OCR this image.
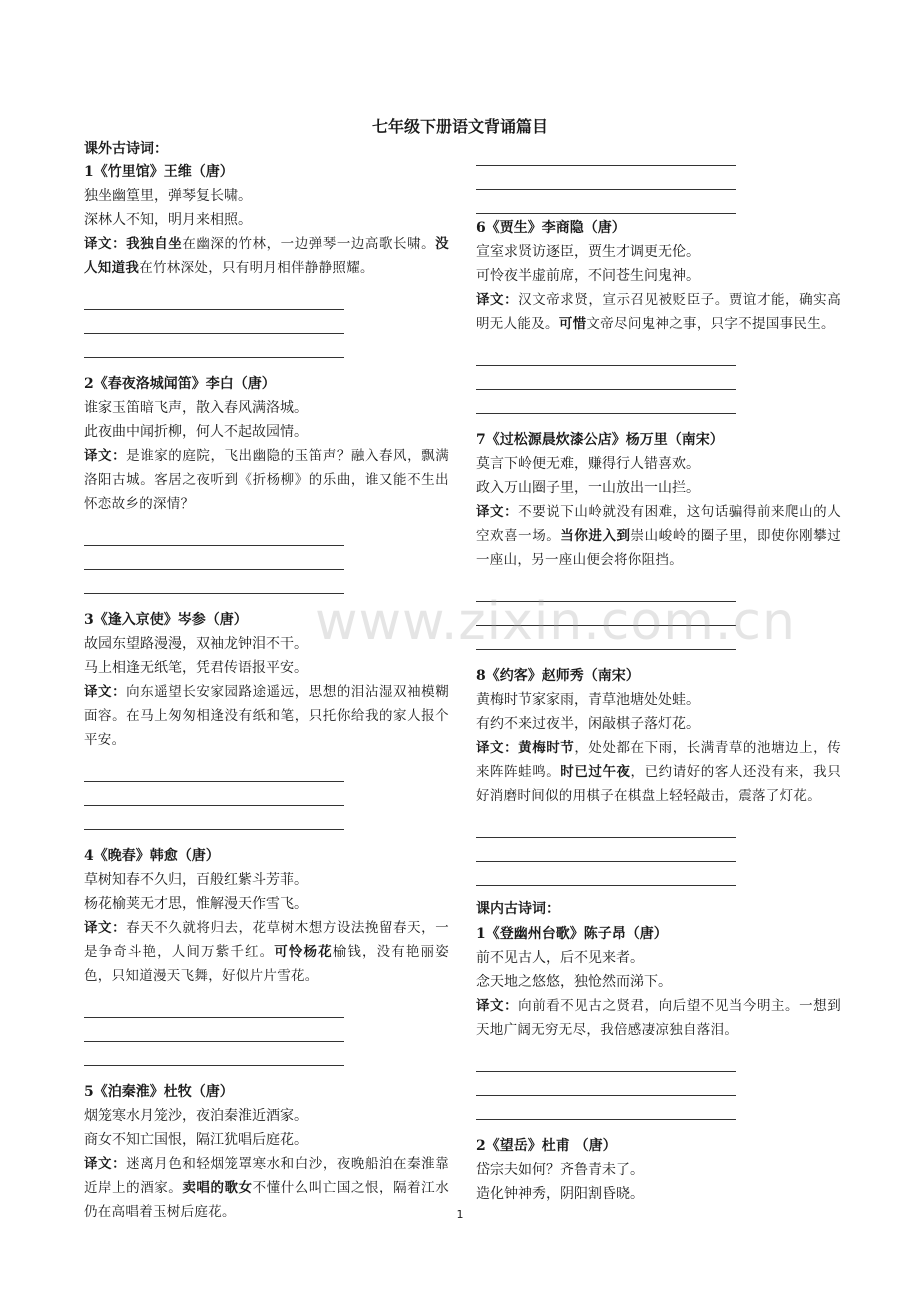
七年级下册语文背诵篇目
课外古诗词：
1《竹里馆》王维（唐）
独坐幽篁里，弹琴复长啸。
深林人不知，明月来相照。
译文：我独自坐在幽深的竹林，一边弹琴一边高歌长啸。没人知道我在竹林深处，只有明月相伴静静照耀。
2《春夜洛城闻笛》李白（唐）
谁家玉笛暗飞声，散入春风满洛城。
此夜曲中闻折柳，何人不起故园情。
译文：是谁家的庭院，飞出幽隐的玉笛声？融入春风，飘满洛阳古城。客居之夜听到《折杨柳》的乐曲，谁又能不生出怀恋故乡的深情？
3《逢入京使》岑参（唐）
故园东望路漫漫，双袖龙钟泪不干。
马上相逢无纸笔，凭君传语报平安。
译文：向东遥望长安家园路途遥远，思想的泪沾湿双袖模糊面容。在马上匆匆相逢没有纸和笔，只托你给我的家人报个平安。
4《晚春》韩愈（唐）
草树知春不久归，百般红紫斗芳菲。
杨花榆荚无才思，惟解漫天作雪飞。
译文：春天不久就将归去，花草树木想方设法挽留春天，一是争奇斗艳，人间万紫千红。可怜杨花榆钱，没有艳丽姿色，只知道漫天飞舞，好似片片雪花。
5《泊秦淮》杜牧（唐）
烟笼寒水月笼沙，夜泊秦淮近酒家。
商女不知亡国恨，隔江犹唱后庭花。
译文：迷离月色和轻烟笼罩寒水和白沙，夜晚船泊在秦淮靠近岸上的酒家。卖唱的歌女不懂什么叫亡国之恨，隔着江水仍在高唱着玉树后庭花。
6《贾生》李商隐（唐）
宣室求贤访逐臣，贾生才调更无伦。
可怜夜半虚前席，不问苍生问鬼神。
译文：汉文帝求贤，宣示召见被贬臣子。贾谊才能，确实高明无人能及。可惜文帝尽问鬼神之事，只字不提国事民生。
7《过松源晨炊漆公店》杨万里（南宋）
莫言下岭便无难，赚得行人错喜欢。
政入万山圈子里，一山放出一山拦。
译文：不要说下山岭就没有困难，这句话骗得前来爬山的人空欢喜一场。当你进入到崇山峻岭的圈子里，即使你刚攀过一座山，另一座山便会将你阻挡。
8《约客》赵师秀（南宋）
黄梅时节家家雨，青草池塘处处蛙。
有约不来过夜半，闲敲棋子落灯花。
译文：黄梅时节，处处都在下雨，长满青草的池塘边上，传来阵阵蛙鸣。时已过午夜，已约请好的客人还没有来，我只好消磨时间似的用棋子在棋盘上轻轻敲击，震落了灯花。
课内古诗词：
1《登幽州台歌》陈子昂（唐）
前不见古人，后不见来者。
念天地之悠悠，独怆然而涕下。
译文：向前看不见古之贤君，向后望不见当今明主。一想到天地广阔无穷无尽，我倍感凄凉独自落泪。
2《望岳》杜甫 （唐）
岱宗夫如何？齐鲁青未了。
造化钟神秀，阴阳割昏晓。
www.zixin.com.cn
1
